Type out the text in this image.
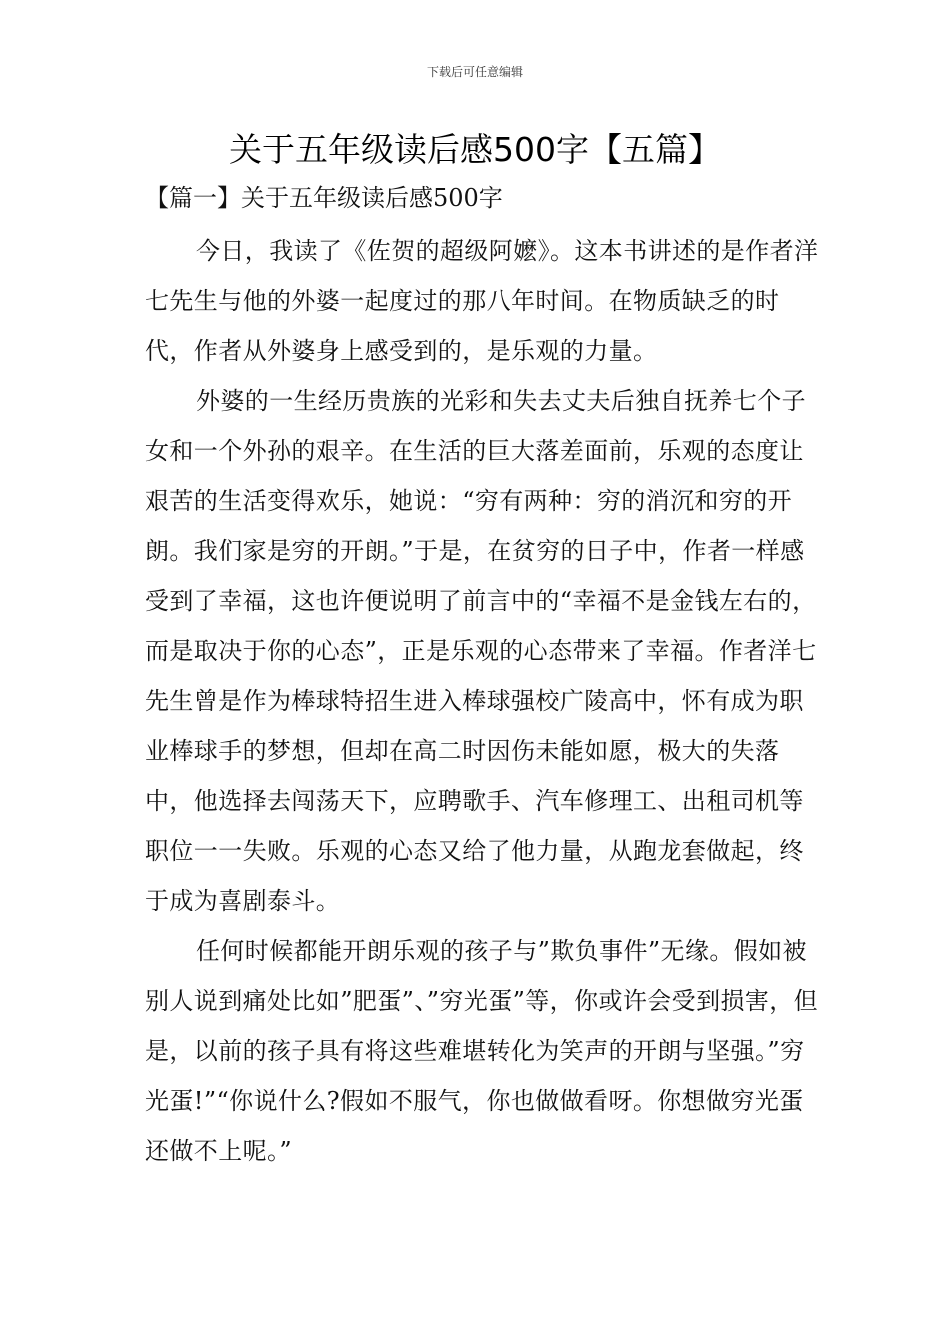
下载后可任意编辑
关于五年级读后感500字【五篇】
【篇一】关于五年级读后感500字

今日，我读了《佐贺的超级阿嬷》。这本书讲述的是作者洋七先生与他的外婆一起度过的那八年时间。在物质缺乏的时代，作者从外婆身上感受到的，是乐观的力量。

外婆的一生经历贵族的光彩和失去丈夫后独自抚养七个子女和一个外孙的艰辛。在生活的巨大落差面前，乐观的态度让艰苦的生活变得欢乐，她说：“穷有两种：穷的消沉和穷的开朗。我们家是穷的开朗。”于是，在贫穷的日子中，作者一样感受到了幸福，这也许便说明了前言中的“幸福不是金钱左右的，而是取决于你的心态”，正是乐观的心态带来了幸福。作者洋七先生曾是作为棒球特招生进入棒球强校广陵高中，怀有成为职业棒球手的梦想，但却在高二时因伤未能如愿，极大的失落中，他选择去闯荡天下，应聘歌手、汽车修理工、出租司机等职位一一失败。乐观的心态又给了他力量，从跑龙套做起，终于成为喜剧泰斗。

任何时候都能开朗乐观的孩子与”欺负事件”无缘。假如被别人说到痛处比如”肥蛋”、”穷光蛋”等，你或许会受到损害，但是，以前的孩子具有将这些难堪转化为笑声的开朗与坚强。”穷光蛋!”“你说什么?假如不服气，你也做做看呀。你想做穷光蛋还做不上呢。”
